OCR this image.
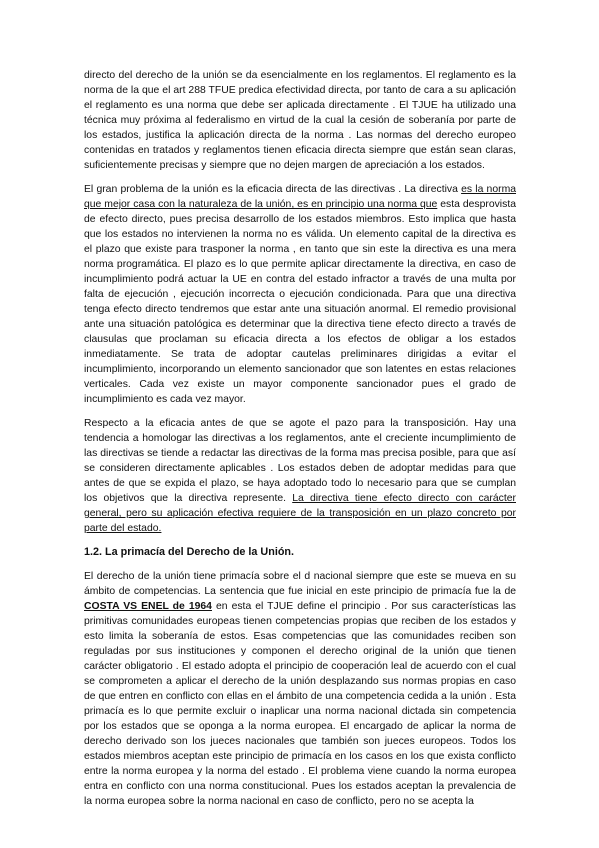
directo del derecho de la unión se da esencialmente en los reglamentos. El reglamento es la norma de la que el art 288 TFUE predica efectividad directa, por tanto de cara a su aplicación el reglamento es una norma que debe ser aplicada directamente . El TJUE ha utilizado una técnica muy próxima al federalismo en virtud de la cual la cesión de soberanía por parte de los estados, justifica la aplicación directa de la norma . Las normas del derecho europeo contenidas en tratados y reglamentos tienen eficacia directa siempre que están sean claras, suficientemente precisas y siempre que no dejen margen de apreciación a los estados.

El gran problema de la unión es la eficacia directa de las directivas . La directiva es la norma que mejor casa con la naturaleza de la unión, es en principio una norma que esta desprovista de efecto directo, pues precisa desarrollo de los estados miembros. Esto implica que hasta que los estados no intervienen la norma no es válida. Un elemento capital de la directiva es el plazo que existe para trasponer la norma , en tanto que sin este la directiva es una mera norma programática. El plazo es lo que permite aplicar directamente la directiva, en caso de incumplimiento podrá actuar la UE en contra del estado infractor a través de una multa por falta de ejecución , ejecución incorrecta o ejecución condicionada. Para que una directiva tenga efecto directo tendremos que estar ante una situación anormal. El remedio provisional ante una situación patológica es determinar que la directiva tiene efecto directo a través de clausulas que proclaman su eficacia directa a los efectos de obligar a los estados inmediatamente. Se trata de adoptar cautelas preliminares dirigidas a evitar el incumplimiento, incorporando un elemento sancionador que son latentes en estas relaciones verticales. Cada vez existe un mayor componente sancionador pues el grado de incumplimiento es cada vez mayor.

Respecto a la eficacia antes de que se agote el pazo para la transposición. Hay una tendencia a homologar las directivas a los reglamentos, ante el creciente incumplimiento de las directivas se tiende a redactar las directivas de la forma mas precisa posible, para que así se consideren directamente aplicables . Los estados deben de adoptar medidas para que antes de que se expida el plazo, se haya adoptado todo lo necesario para que se cumplan los objetivos que la directiva represente. La directiva tiene efecto directo con carácter general, pero su aplicación efectiva requiere de la transposición en un plazo concreto por parte del estado.

1.2. La primacía del Derecho de la Unión.

El derecho de la unión tiene primacía sobre el d nacional siempre que este se mueva en su ámbito de competencias. La sentencia que fue inicial en este principio de primacía fue la de COSTA VS ENEL de 1964 en esta el TJUE define el principio . Por sus características las primitivas comunidades europeas tienen competencias propias que reciben de los estados y esto limita la soberanía de estos. Esas competencias que las comunidades reciben son reguladas por sus instituciones y componen el derecho original de la unión que tienen carácter obligatorio . El estado adopta el principio de cooperación leal de acuerdo con el cual se comprometen a aplicar el derecho de la unión desplazando sus normas propias en caso de que entren en conflicto con ellas en el ámbito de una competencia cedida a la unión . Esta primacía es lo que permite excluir o inaplicar una norma nacional dictada sin competencia por los estados que se oponga a la norma europea. El encargado de aplicar la norma de derecho derivado son los jueces nacionales que también son jueces europeos. Todos los estados miembros aceptan este principio de primacía en los casos en los que exista conflicto entre la norma europea y la norma del estado . El problema viene cuando la norma europea entra en conflicto con una norma constitucional. Pues los estados aceptan la prevalencia de la norma europea sobre la norma nacional en caso de conflicto, pero no se acepta la
